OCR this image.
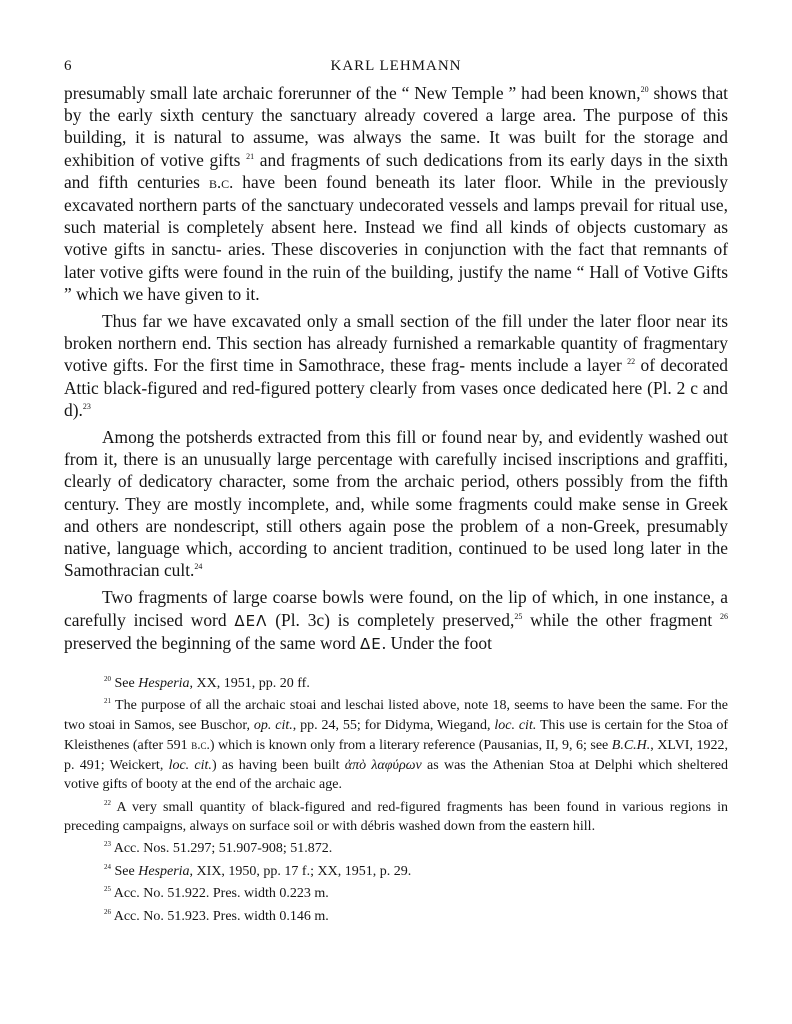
6	KARL LEHMANN

presumably small late archaic forerunner of the “ New Temple ” had been known,$^{20}$ shows that by the early sixth century the sanctuary already covered a large area. The purpose of this building, it is natural to assume, was always the same. It was built for the storage and exhibition of votive gifts $^{21}$ and fragments of such dedications from its early days in the sixth and fifth centuries b.c. have been found beneath its later floor. While in the previously excavated northern parts of the sanctuary undecorated vessels and lamps prevail for ritual use, such material is completely absent here. Instead we find all kinds of objects customary as votive gifts in sanctu- aries. These discoveries in conjunction with the fact that remnants of later votive gifts were found in the ruin of the building, justify the name “ Hall of Votive Gifts ” which we have given to it.

Thus far we have excavated only a small section of the fill under the later floor near its broken northern end. This section has already furnished a remarkable quantity of fragmentary votive gifts. For the first time in Samothrace, these frag- ments include a layer $^{22}$ of decorated Attic black-figured and red-figured pottery clearly from vases once dedicated here (Pl. 2 c and d).$^{23}$

Among the potsherds extracted from this fill or found near by, and evidently washed out from it, there is an unusually large percentage with carefully incised inscriptions and graffiti, clearly of dedicatory character, some from the archaic period, others possibly from the fifth century. They are mostly incomplete, and, while some fragments could make sense in Greek and others are nondescript, still others again pose the problem of a non-Greek, presumably native, language which, according to ancient tradition, continued to be used long later in the Samothracian cult.$^{24}$

Two fragments of large coarse bowls were found, on the lip of which, in one instance, a carefully incised word ΔΕΛ (Pl. 3c) is completely preserved,$^{25}$ while the other fragment $^{26}$ preserved the beginning of the same word ΔΕ. Under the foot

$^{20}$ See Hesperia, XX, 1951, pp. 20 ff.

$^{21}$ The purpose of all the archaic stoai and leschai listed above, note 18, seems to have been the same. For the two stoai in Samos, see Buschor, op. cit., pp. 24, 55; for Didyma, Wiegand, loc. cit. This use is certain for the Stoa of Kleisthenes (after 591 b.c.) which is known only from a literary reference (Pausanias, II, 9, 6; see B.C.H., XLVI, 1922, p. 491; Weickert, loc. cit.) as having been built ἀπὸ λαφύρων as was the Athenian Stoa at Delphi which sheltered votive gifts of booty at the end of the archaic age.

$^{22}$ A very small quantity of black-figured and red-figured fragments has been found in various regions in preceding campaigns, always on surface soil or with débris washed down from the eastern hill.

$^{23}$ Acc. Nos. 51.297; 51.907-908; 51.872.

$^{24}$ See Hesperia, XIX, 1950, pp. 17 f.; XX, 1951, p. 29.

$^{25}$ Acc. No. 51.922. Pres. width 0.223 m.

$^{26}$ Acc. No. 51.923. Pres. width 0.146 m.
